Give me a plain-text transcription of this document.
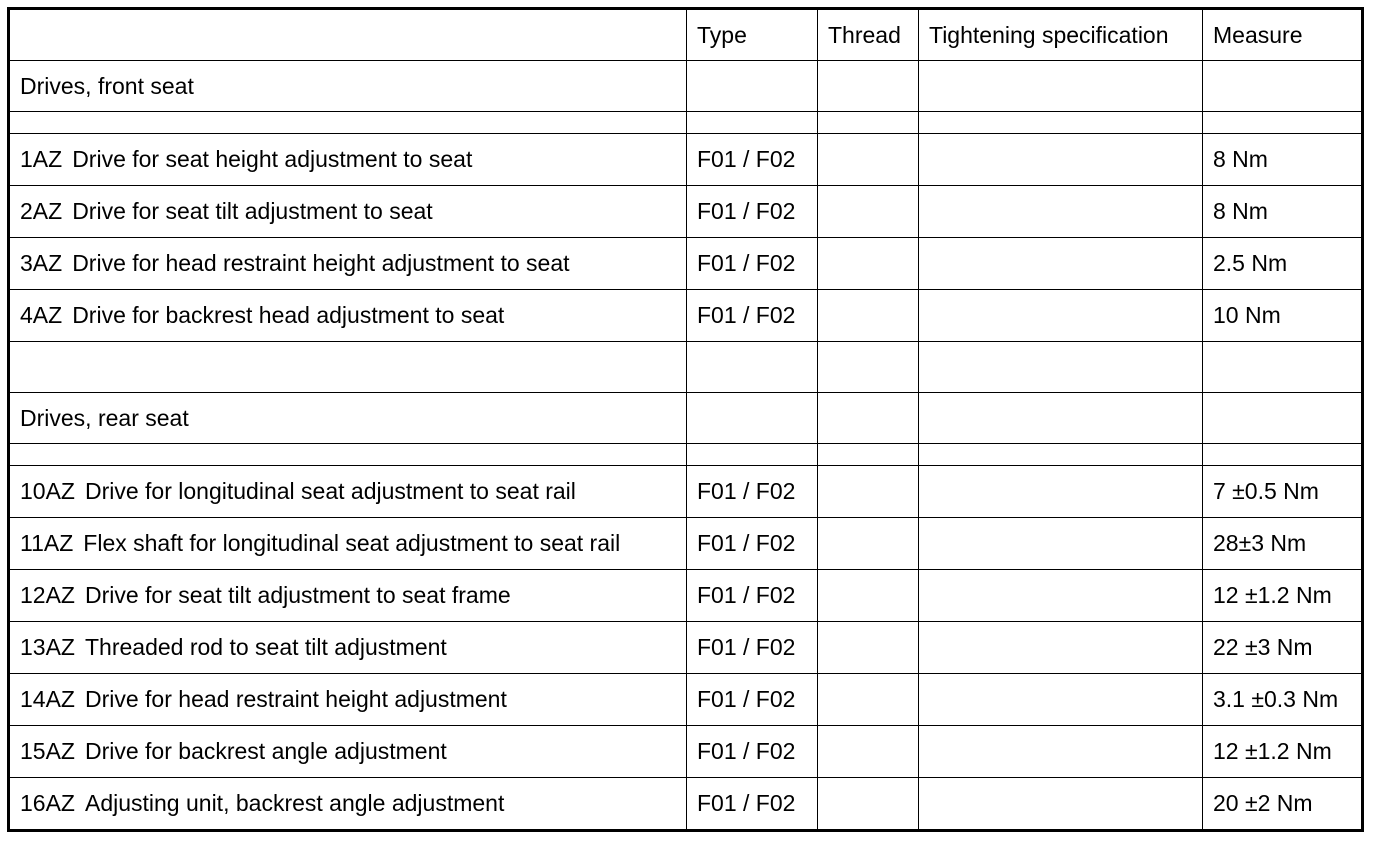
	Type	Thread	Tightening specification	Measure
Drives, front seat				

1AZ Drive for seat height adjustment to seat	F01 / F02			8 Nm
2AZ Drive for seat tilt adjustment to seat	F01 / F02			8 Nm
3AZ Drive for head restraint height adjustment to seat	F01 / F02			2.5 Nm
4AZ Drive for backrest head adjustment to seat	F01 / F02			10 Nm

Drives, rear seat				

10AZ Drive for longitudinal seat adjustment to seat rail	F01 / F02			7 ±0.5 Nm
11AZ Flex shaft for longitudinal seat adjustment to seat rail	F01 / F02			28±3 Nm
12AZ Drive for seat tilt adjustment to seat frame	F01 / F02			12 ±1.2 Nm
13AZ Threaded rod to seat tilt adjustment	F01 / F02			22 ±3 Nm
14AZ Drive for head restraint height adjustment	F01 / F02			3.1 ±0.3 Nm
15AZ Drive for backrest angle adjustment	F01 / F02			12 ±1.2 Nm
16AZ Adjusting unit, backrest angle adjustment	F01 / F02			20 ±2 Nm
